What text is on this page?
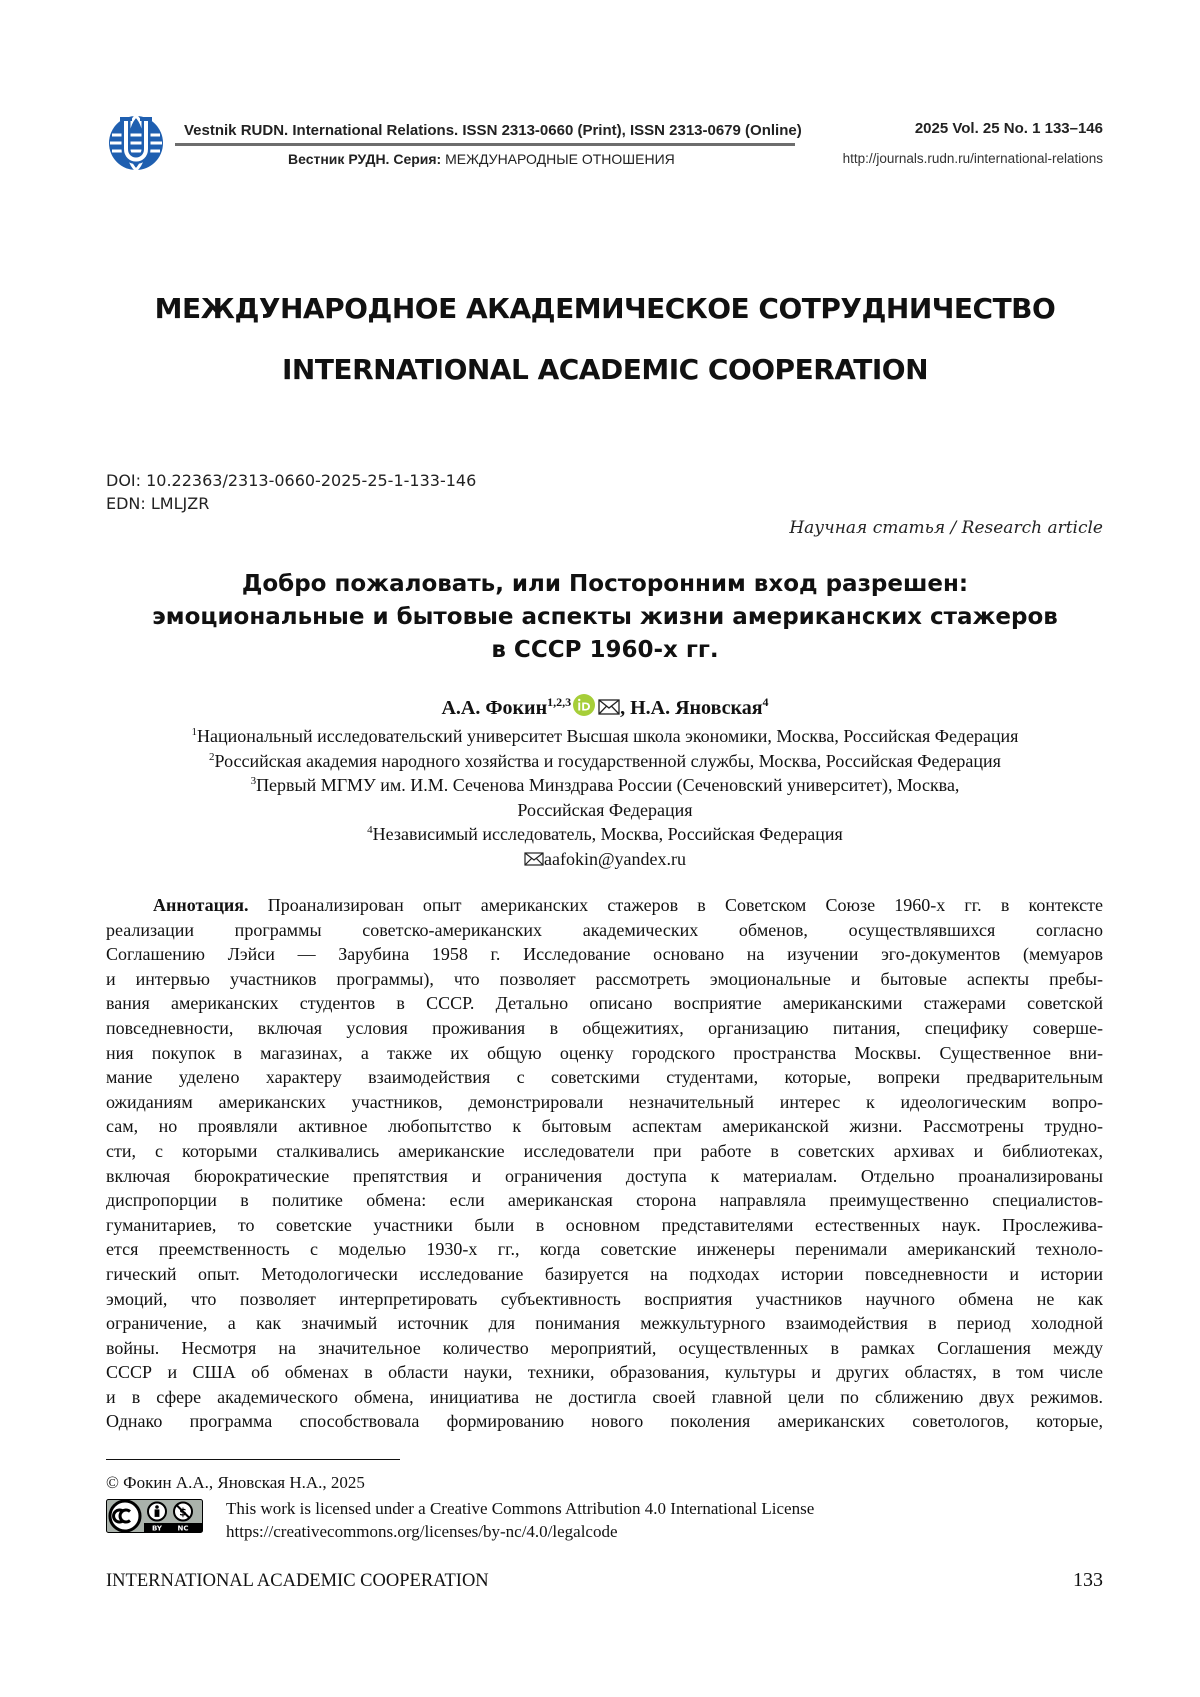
Vestnik RUDN. International Relations. ISSN 2313-0660 (Print), ISSN 2313-0679 (Online)
Вестник РУДН. Серия: МЕЖДУНАРОДНЫЕ ОТНОШЕНИЯ
2025 Vol. 25 No. 1 133–146
http://journals.rudn.ru/international-relations
МЕЖДУНАРОДНОЕ АКАДЕМИЧЕСКОЕ СОТРУДНИЧЕСТВО
INTERNATIONAL ACADEMIC COOPERATION
DOI: 10.22363/2313-0660-2025-25-1-133-146
EDN: LMLJZR
Научная статья / Research article
Добро пожаловать, или Посторонним вход разрешен:
эмоциональные и бытовые аспекты жизни американских стажеров
в СССР 1960-х гг.
А.А. Фокин1,2,3 , Н.А. Яновская4
1Национальный исследовательский университет Высшая школа экономики, Москва, Российская Федерация
2Российская академия народного хозяйства и государственной службы, Москва, Российская Федерация
3Первый МГМУ им. И.М. Сеченова Минздрава России (Сеченовский университет), Москва,
Российская Федерация
4Независимый исследователь, Москва, Российская Федерация
aafokin@yandex.ru
Аннотация. Проанализирован опыт американских стажеров в Советском Союзе 1960-х гг. в контексте
реализации программы советско-американских академических обменов, осуществлявшихся согласно
Соглашению Лэйси — Зарубина 1958 г. Исследование основано на изучении эго-документов (мемуаров
и интервью участников программы), что позволяет рассмотреть эмоциональные и бытовые аспекты пребы-
вания американских студентов в СССР. Детально описано восприятие американскими стажерами советской
повседневности, включая условия проживания в общежитиях, организацию питания, специфику соверше-
ния покупок в магазинах, а также их общую оценку городского пространства Москвы. Существенное вни-
мание уделено характеру взаимодействия с советскими студентами, которые, вопреки предварительным
ожиданиям американских участников, демонстрировали незначительный интерес к идеологическим вопро-
сам, но проявляли активное любопытство к бытовым аспектам американской жизни. Рассмотрены трудно-
сти, с которыми сталкивались американские исследователи при работе в советских архивах и библиотеках,
включая бюрократические препятствия и ограничения доступа к материалам. Отдельно проанализированы
диспропорции в политике обмена: если американская сторона направляла преимущественно специалистов-
гуманитариев, то советские участники были в основном представителями естественных наук. Прослежива-
ется преемственность с моделью 1930-х гг., когда советские инженеры перенимали американский техноло-
гический опыт. Методологически исследование базируется на подходах истории повседневности и истории
эмоций, что позволяет интерпретировать субъективность восприятия участников научного обмена не как
ограничение, а как значимый источник для понимания межкультурного взаимодействия в период холодной
войны. Несмотря на значительное количество мероприятий, осуществленных в рамках Соглашения между
СССР и США об обменах в области науки, техники, образования, культуры и других областях, в том числе
и в сфере академического обмена, инициатива не достигла своей главной цели по сближению двух режимов.
Однако программа способствовала формированию нового поколения американских советологов, которые,
© Фокин А.А., Яновская Н.А., 2025
BY NC
This work is licensed under a Creative Commons Attribution 4.0 International License
https://creativecommons.org/licenses/by-nc/4.0/legalcode
INTERNATIONAL ACADEMIC COOPERATION	133
